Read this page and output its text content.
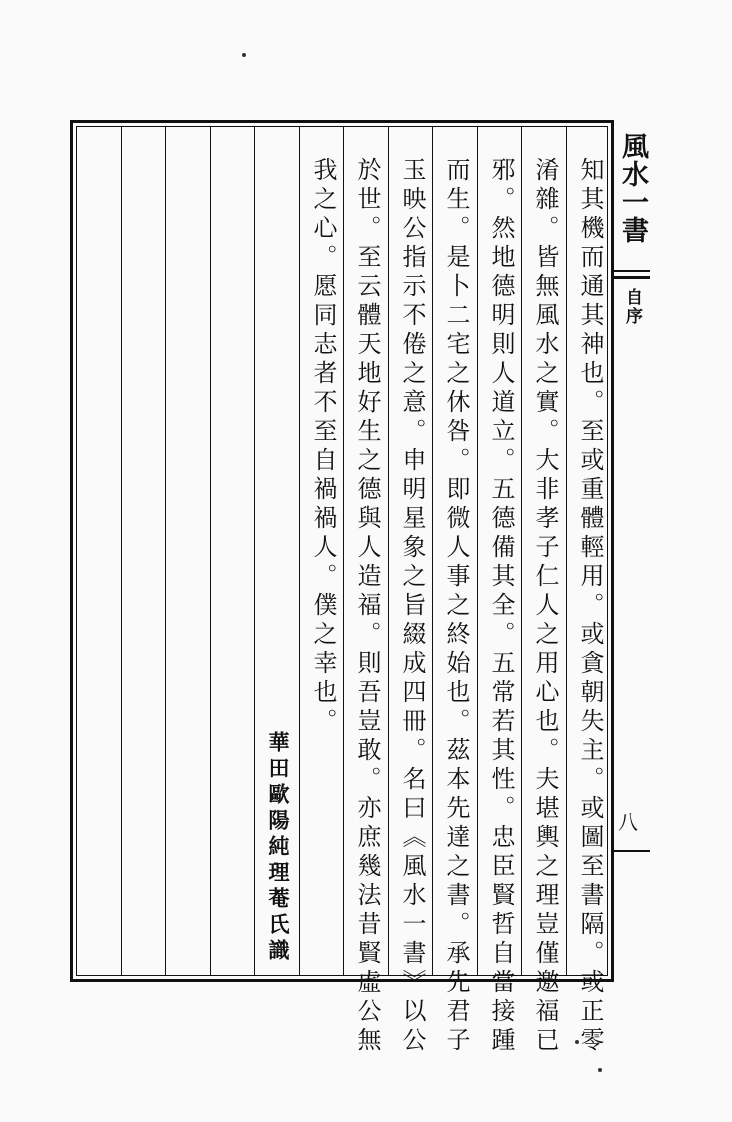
知其機而通其神也。至或重體輕用。或貪朝失主。或圖至書隔。或正零
淆雜。皆無風水之實。大非孝子仁人之用心也。夫堪輿之理豈僅邀福已
邪。然地德明則人道立。五德備其全。五常若其性。忠臣賢哲自當接踵
而生。是卜二宅之休咎。即微人事之終始也。茲本先達之書。承先君子
玉映公指示不倦之意。申明星象之旨綴成四冊。名曰《風水一書》以公
於世。至云體天地好生之德與人造福。則吾豈敢。亦庶幾法昔賢虛公無
我之心。愿同志者不至自禍禍人。僕之幸也。
華田歐陽純理菴氏識
風水一書
自序
八
